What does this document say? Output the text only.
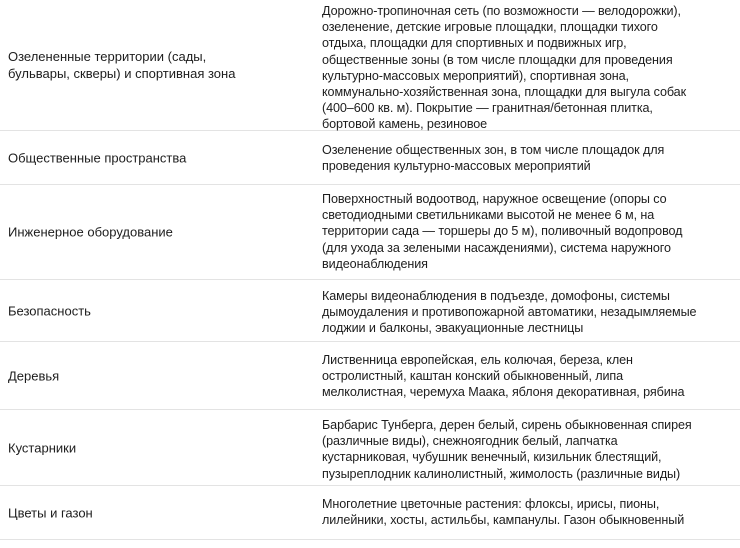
Озелененные территории (сады,
бульвары, скверы) и спортивная зона
Дорожно-тропиночная сеть (по возможности — велодорожки),
озеленение, детские игровые площадки, площадки тихого
отдыха, площадки для спортивных и подвижных игр,
общественные зоны (в том числе площадки для проведения
культурно-массовых мероприятий), спортивная зона,
коммунально-хозяйственная зона, площадки для выгула собак
(400–600 кв. м). Покрытие — гранитная/бетонная плитка,
бортовой камень, резиновое
Общественные пространства	Озеленение общественных зон, в том числе площадок для
проведения культурно-массовых мероприятий
Инженерное оборудование
Поверхностный водоотвод, наружное освещение (опоры со
светодиодными светильниками высотой не менее 6 м, на
территории сада — торшеры до 5 м), поливочный водопровод
(для ухода за зелеными насаждениями), система наружного
видеонаблюдения
Безопасность
Камеры видеонаблюдения в подъезде, домофоны, системы
дымоудаления и противопожарной автоматики, незадымляемые
лоджии и балконы, эвакуационные лестницы
Деревья
Лиственница европейская, ель колючая, береза, клен
остролистный, каштан конский обыкновенный, липа
мелколистная, черемуха Маака, яблоня декоративная, рябина
Кустарники
Барбарис Тунберга, дерен белый, сирень обыкновенная спирея
(различные виды), снежноягодник белый, лапчатка
кустарниковая, чубушник венечный, кизильник блестящий,
пузыреплодник калинолистный, жимолость (различные виды)
Цветы и газон
Многолетние цветочные растения: флоксы, ирисы, пионы,
лилейники, хосты, астильбы, кампанулы. Газон обыкновенный
